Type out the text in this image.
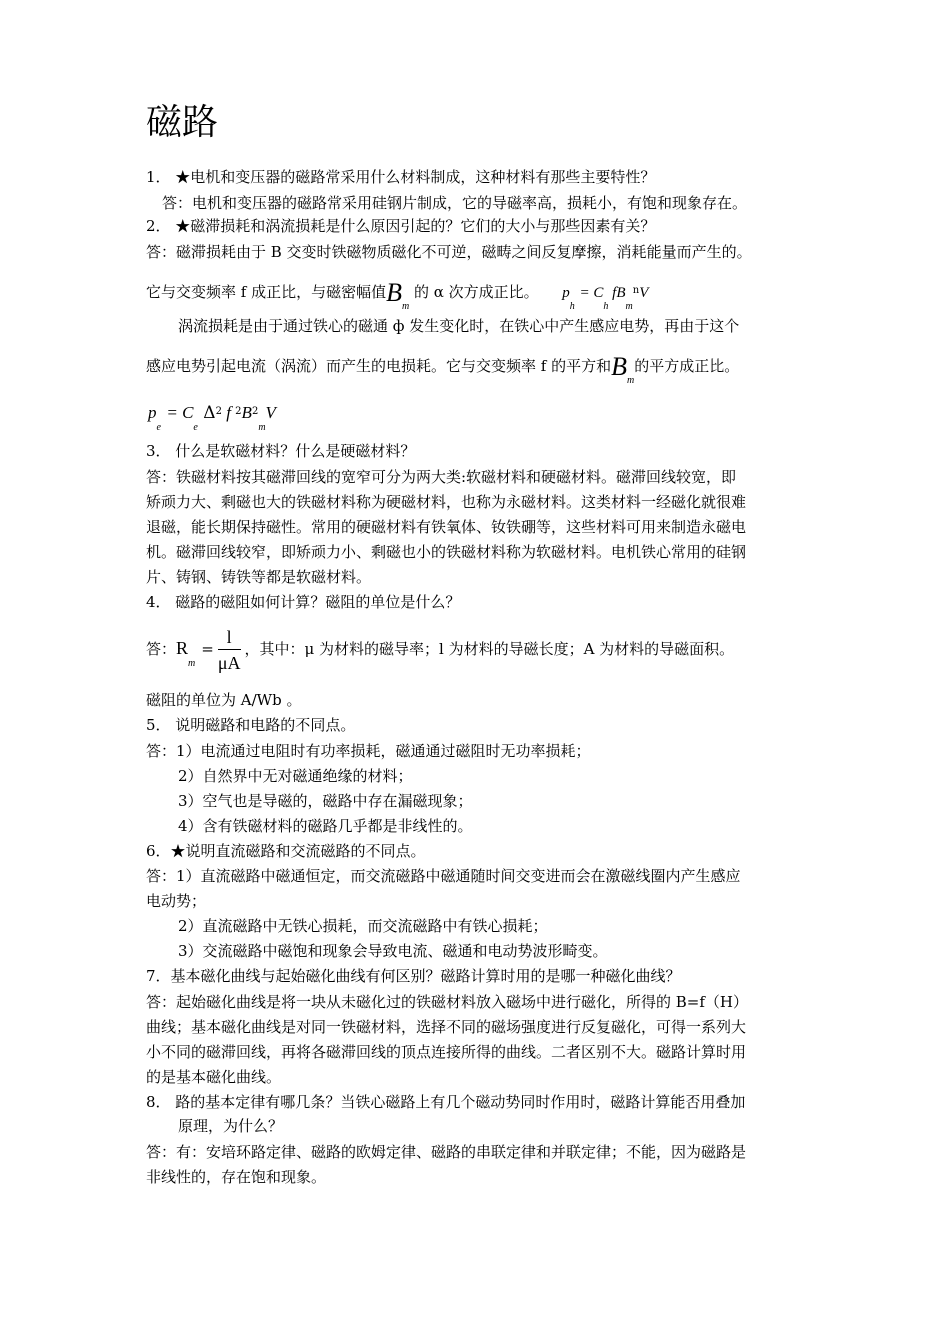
磁路
1． ★电机和变压器的磁路常采用什么材料制成，这种材料有那些主要特性？
答：电机和变压器的磁路常采用硅钢片制成，它的导磁率高，损耗小，有饱和现象存在。
2． ★磁滞损耗和涡流损耗是什么原因引起的？它们的大小与那些因素有关？
答：磁滞损耗由于 B 交变时铁磁物质磁化不可逆，磁畴之间反复摩擦，消耗能量而产生的。
它与交变频率 f 成正比，与磁密幅值$B_m$ 的 α 次方成正比。 $p_h = C_h$ $fB_m^nV$
涡流损耗是由于通过铁心的磁通 ф 发生变化时，在铁心中产生感应电势，再由于这个
感应电势引起电流（涡流）而产生的电损耗。它与交变频率 f 的平方和$B_m$的平方成正比。
$p_e = C_e$ $\Delta^2$ f $^2B^2_mV$
3． 什么是软磁材料？什么是硬磁材料？
答：铁磁材料按其磁滞回线的宽窄可分为两大类:软磁材料和硬磁材料。磁滞回线较宽，即
矫顽力大、剩磁也大的铁磁材料称为硬磁材料，也称为永磁材料。这类材料一经磁化就很难
退磁，能长期保持磁性。常用的硬磁材料有铁氧体、钕铁硼等，这些材料可用来制造永磁电
机。磁滞回线较窄，即矫顽力小、剩磁也小的铁磁材料称为软磁材料。电机铁心常用的硅钢
片、铸钢、铸铁等都是软磁材料。
4． 磁路的磁阻如何计算？磁阻的单位是什么？
答：$R_m= \frac{l}{\mu A}$ ，其中：μ 为材料的磁导率；l 为材料的导磁长度；A 为材料的导磁面积。
磁阻的单位为 A/Wb 。
5． 说明磁路和电路的不同点。
答：1）电流通过电阻时有功率损耗，磁通通过磁阻时无功率损耗；
2）自然界中无对磁通绝缘的材料；
3）空气也是导磁的，磁路中存在漏磁现象；
4）含有铁磁材料的磁路几乎都是非线性的。
6．★说明直流磁路和交流磁路的不同点。
答：1）直流磁路中磁通恒定，而交流磁路中磁通随时间交变进而会在激磁线圈内产生感应
电动势；
2）直流磁路中无铁心损耗，而交流磁路中有铁心损耗；
3）交流磁路中磁饱和现象会导致电流、磁通和电动势波形畸变。
7．基本磁化曲线与起始磁化曲线有何区别？磁路计算时用的是哪一种磁化曲线？
答：起始磁化曲线是将一块从未磁化过的铁磁材料放入磁场中进行磁化，所得的 B=f（H）
曲线；基本磁化曲线是对同一铁磁材料，选择不同的磁场强度进行反复磁化，可得一系列大
小不同的磁滞回线，再将各磁滞回线的顶点连接所得的曲线。二者区别不大。磁路计算时用
的是基本磁化曲线。
8． 路的基本定律有哪几条？当铁心磁路上有几个磁动势同时作用时，磁路计算能否用叠加
原理，为什么？
答：有：安培环路定律、磁路的欧姆定律、磁路的串联定律和并联定律；不能，因为磁路是
非线性的，存在饱和现象。
